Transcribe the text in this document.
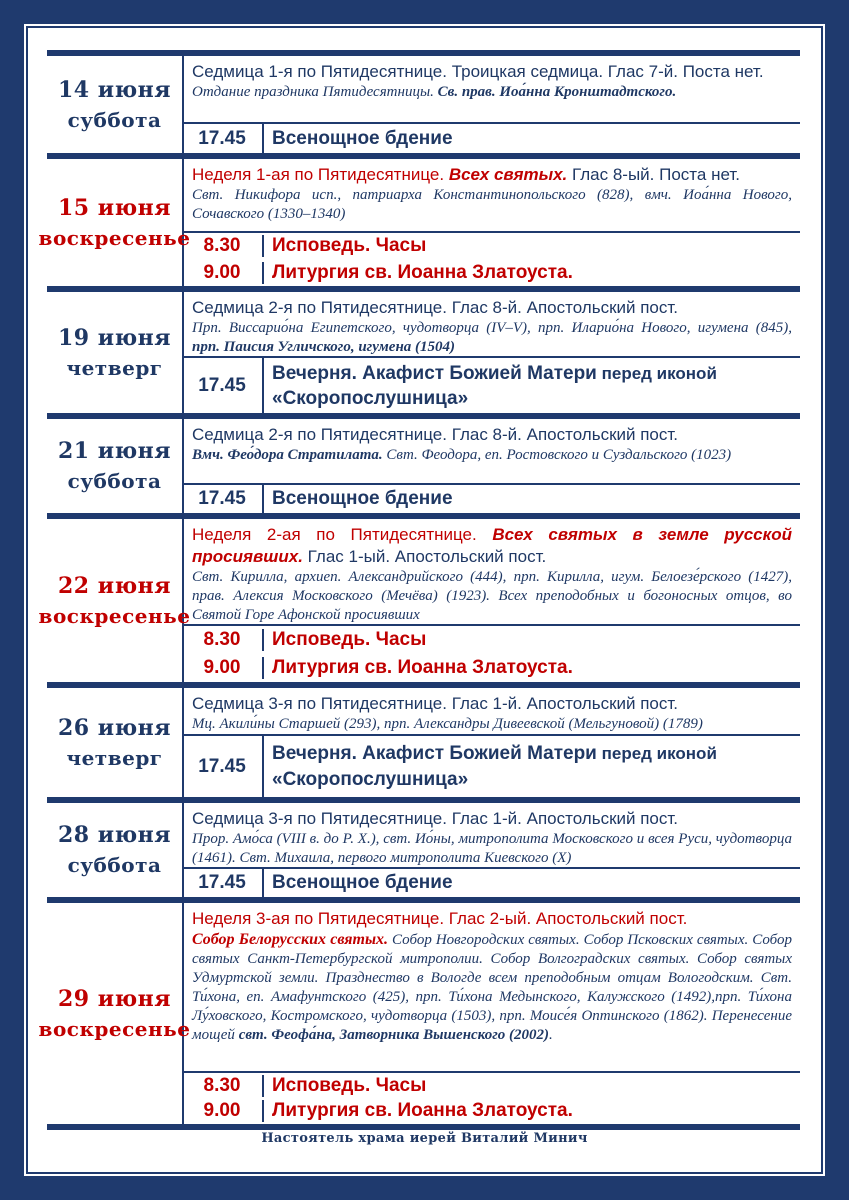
14 июня
суббота
Седмица 1-я по Пятидесятнице. Троицкая седмица. Глас 7-й. Поста нет.
Отдание праздника Пятидесятницы. Св. прав. Иоа́нна Кронштадтского.
17.45	Всенощное бдение
15 июня
воскресенье
Неделя 1-ая по Пятидесятнице. Всех святых. Глас 8-ый. Поста нет.
Свт. Никифора исп., патриарха Константинопольского (828), вмч. Иоа́нна Нового, Сочавского (1330–1340)
8.30	Исповедь. Часы
9.00	Литургия св. Иоанна Златоуста.
19 июня
четверг
Седмица 2-я по Пятидесятнице. Глас 8-й. Апостольский пост.
Прп. Виссарио́на Египетского, чудотворца (IV–V), прп. Иларио́на Нового, игумена (845), прп. Паисия Угличского, игумена (1504)
17.45
Вечерня. Акафист Божией Матери перед иконой
«Скоропослушница»
21 июня
суббота
Седмица 2-я по Пятидесятнице. Глас 8-й. Апостольский пост.
Вмч. Фео́дора Стратилата. Свт. Феодора, еп. Ростовского и Суздальского (1023)
17.45	Всенощное бдение
22 июня
воскресенье
Неделя 2-ая по Пятидесятнице. Всех святых в земле русской просиявших. Глас 1-ый. Апостольский пост.
Свт. Кирилла, архиеп. Александрийского (444), прп. Кирилла, игум. Белоезе́рского (1427), прав. Алексия Московского (Мечёва) (1923). Всех преподобных и богоносных отцов, во Святой Горе Афонской просиявших
8.30	Исповедь. Часы
9.00	Литургия св. Иоанна Златоуста.
26 июня
четверг
Седмица 3-я по Пятидесятнице. Глас 1-й. Апостольский пост.
Мц. Акили́ны Старшей (293), прп. Александры Дивеевской (Мельгуновой) (1789)
17.45
Вечерня. Акафист Божией Матери перед иконой
«Скоропослушница»
28 июня
суббота
Седмица 3-я по Пятидесятнице. Глас 1-й. Апостольский пост.
Прор. Амо́са (VIII в. до Р. Х.), свт. Ио́ны, митрополита Московского и всея Руси, чудотворца (1461). Свт. Михаила, первого митрополита Киевского (X)
17.45	Всенощное бдение
29 июня
воскресенье
Неделя 3-ая по Пятидесятнице. Глас 2-ый. Апостольский пост.
Собор Белорусских святых. Собор Новгородских святых. Собор Псковских святых. Собор святых Санкт-Петербургской митрополии. Собор Волгоградских святых. Собор святых Удмуртской земли. Празднество в Вологде всем преподобным отцам Вологодским. Свт. Ти́хона, еп. Амафунтского (425), прп. Ти́хона Медынского, Калужского (1492),прп. Ти́хона Лу́ховского, Костромского, чудотворца (1503), прп. Моисе́я Оптинского (1862). Перенесение мощей свт. Феофа́на, Затворника Вышенского (2002).
8.30	Исповедь. Часы
9.00	Литургия св. Иоанна Златоуста.
Настоятель храма иерей Виталий Минич
